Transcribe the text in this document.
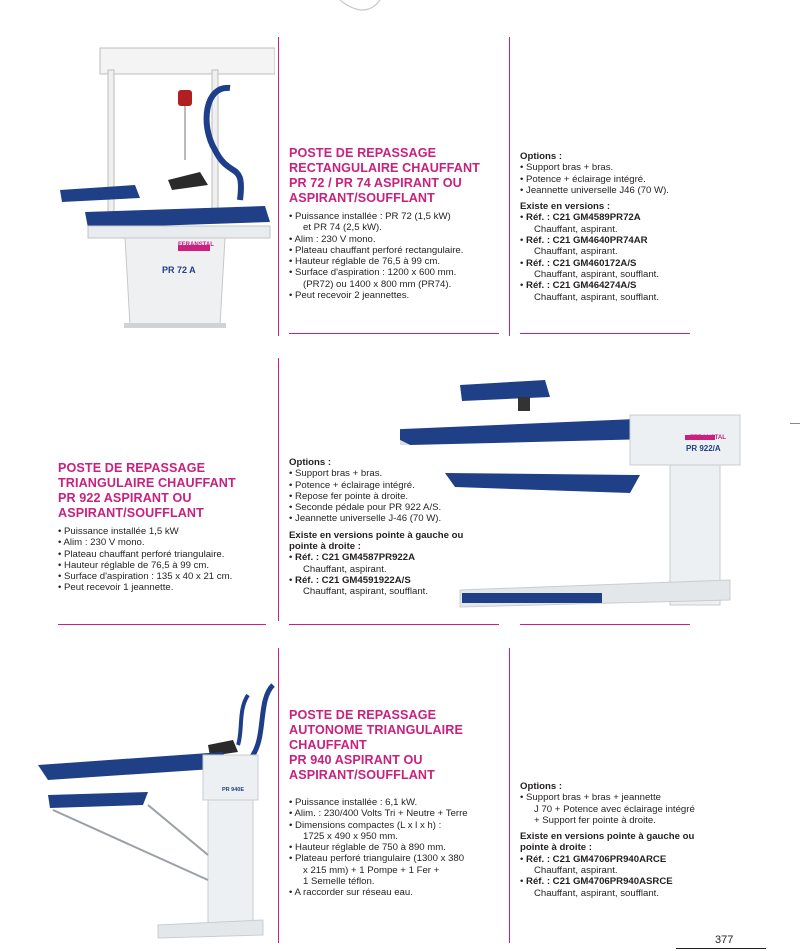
FERANSTAL
PR 72 A
POSTE DE REPASSAGE
RECTANGULAIRE CHAUFFANT
PR 72 / PR 74 ASPIRANT OU
ASPIRANT/SOUFFLANT
• Puissance installée : PR 72 (1,5 kW)
et PR 74 (2,5 kW).
• Alim : 230 V mono.
• Plateau chauffant perforé rectangulaire.
• Hauteur réglable de 76,5 à 99 cm.
• Surface d'aspiration : 1200 x 600 mm.
(PR72) ou 1400 x 800 mm (PR74).
• Peut recevoir 2 jeannettes.
Options :
• Support bras + bras.
• Potence + éclairage intégré.
• Jeannette universelle J46 (70 W).
Existe en versions :
• Réf. : C21 GM4589PR72A
Chauffant, aspirant.
• Réf. : C21 GM4640PR74AR
Chauffant, aspirant.
• Réf. : C21 GM460172A/S
Chauffant, aspirant, soufflant.
• Réf. : C21 GM464274A/S
Chauffant, aspirant, soufflant.
POSTE DE REPASSAGE
TRIANGULAIRE CHAUFFANT
PR 922 ASPIRANT OU
ASPIRANT/SOUFFLANT
• Puissance installée 1,5 kW
• Alim : 230 V mono.
• Plateau chauffant perforé triangulaire.
• Hauteur réglable de 76,5 à 99 cm.
• Surface d'aspiration : 135 x 40 x 21 cm.
• Peut recevoir 1 jeannette.
FERANSTAL
PR 922/A
Options :
• Support bras + bras.
• Potence + éclairage intégré.
• Repose fer pointe à droite.
• Seconde pédale pour PR 922 A/S.
• Jeannette universelle J-46 (70 W).
Existe en versions pointe à gauche ou
pointe à droite :
• Réf. : C21 GM4587PR922A
Chauffant, aspirant.
• Réf. : C21 GM4591922A/S
Chauffant, aspirant, soufflant.
PR 940E
POSTE DE REPASSAGE
AUTONOME TRIANGULAIRE
CHAUFFANT
PR 940 ASPIRANT OU
ASPIRANT/SOUFFLANT
• Puissance installée : 6,1 kW.
• Alim. : 230/400 Volts Tri + Neutre + Terre
• Dimensions compactes (L x l x h) :
1725 x 490 x 950 mm.
• Hauteur réglable de 750 à 890 mm.
• Plateau perforé triangulaire (1300 x 380
x 215 mm) + 1 Pompe + 1 Fer +
1 Semelle téflon.
• A raccorder sur réseau eau.
Options :
• Support bras + bras + jeannette
J 70 + Potence avec éclairage intégré
+ Support fer pointe à droite.
Existe en versions pointe à gauche ou
pointe à droite :
• Réf. : C21 GM4706PR940ARCE
Chauffant, aspirant.
• Réf. : C21 GM4706PR940ASRCE
Chauffant, aspirant, soufflant.
377
